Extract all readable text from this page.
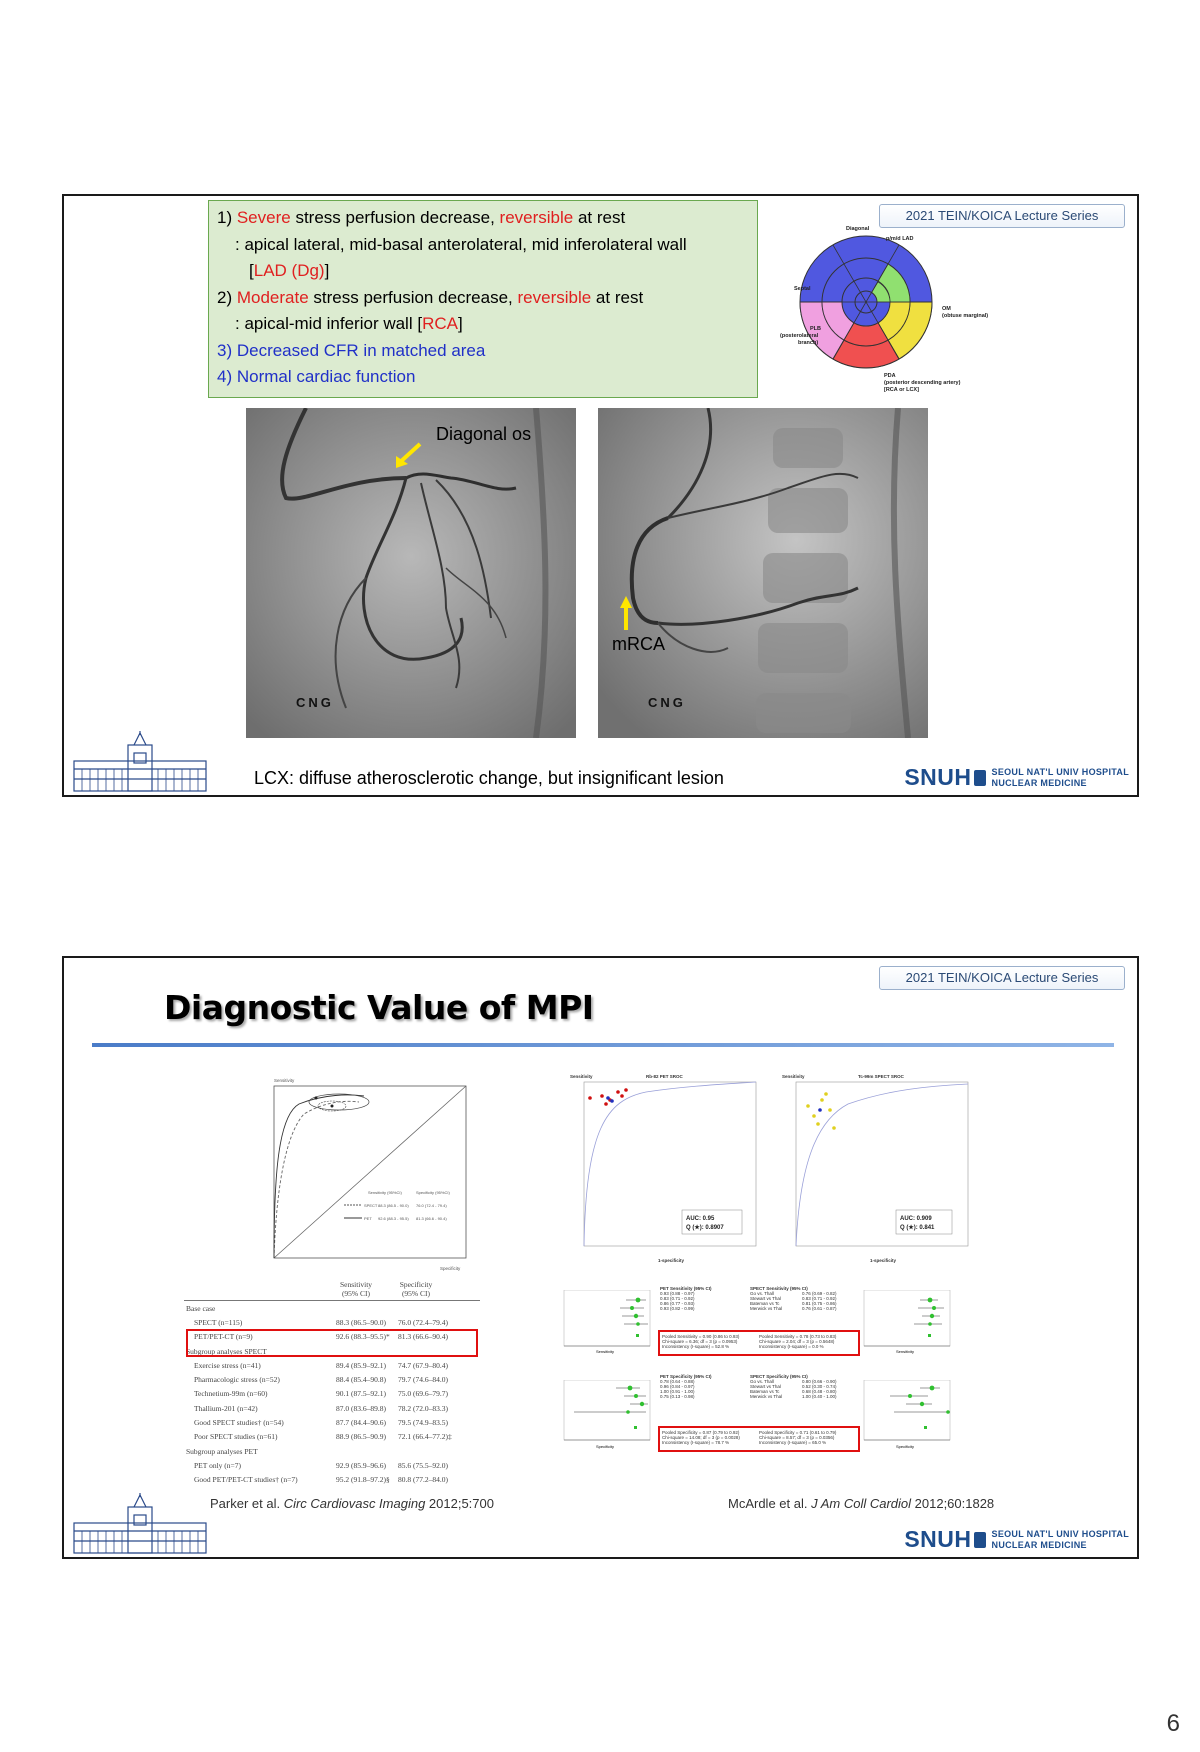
2021 TEIN/KOICA Lecture Series
1) Severe stress perfusion decrease, reversible at rest
: apical lateral, mid-basal anterolateral, mid inferolateral wall
[LAD (Dg)]
2) Moderate stress perfusion decrease, reversible at rest
: apical-mid inferior wall [RCA]
3) Decreased CFR in matched area
4) Normal cardiac function
Diagonal
p/m/d LAD
Septal
OM
(obtuse marginal)
PLB
(posterolateral
branch)
PDA
(posterior descending artery)
[RCA or LCX]
Diagonal os
CNG
mRCA
CNG
LCX: diffuse atherosclerotic change, but insignificant lesion	SNUH SEOUL NAT'L UNIV HOSPITAL
NUCLEAR MEDICINE
2021 TEIN/KOICA Lecture Series
Diagnostic Value of MPI
Sensitivity
Specificity
Sensitivity (95%CI)	Specificity (95%CI)
SPECT 88.3 (86.5 - 90.0) 76.0 (72.4 - 79.4)
PET 92.6 (88.3 - 95.5) 81.3 (66.6 - 90.4)
Sensitivity
(95% CI)
Specificity
(95% CI)
Base case		
SPECT (n=115)	88.3 (86.5–90.0)	76.0 (72.4–79.4)
PET/PET-CT (n=9)	92.6 (88.3–95.5)*	81.3 (66.6–90.4)
Subgroup analyses SPECT		
Exercise stress (n=41)	89.4 (85.9–92.1)	74.7 (67.9–80.4)
Pharmacologic stress (n=52)	88.4 (85.4–90.8)	79.7 (74.6–84.0)
Technetium-99m (n=60)	90.1 (87.5–92.1)	75.0 (69.6–79.7)
Thallium-201 (n=42)	87.0 (83.6–89.8)	78.2 (72.0–83.3)
Good SPECT studies† (n=54)	87.7 (84.4–90.6)	79.5 (74.9–83.5)
Poor SPECT studies (n=61)	88.9 (86.5–90.9)	72.1 (66.4–77.2)‡
Subgroup analyses PET		
PET only (n=7)	92.9 (85.9–96.6)	85.6 (75.5–92.0)
Good PET/PET-CT studies† (n=7)	95.2 (91.8–97.2)§	80.8 (77.2–84.0)
Rb-82 PET SROC
Sensitivity
1-specificity
AUC: 0.95
Q (★): 0.8907
Tc-99m SPECT SROC
Sensitivity
1-specificity
AUC: 0.909
Q (★): 0.841
Sensitivity
PET Sensitivity (95% CI)
0.93 (0.88 - 0.97)
0.83 (0.71 - 0.92)
0.86 (0.77 - 0.93)
0.93 (0.82 - 0.99)
SPECT Sensitivity (95% CI)
Go vs. Thall	0.76 (0.69 - 0.82)
Stewart vs Thal	0.83 (0.71 - 0.92)
Bateman vs Tc	0.81 (0.75 - 0.86)
Merwick vs Thal	0.76 (0.61 - 0.87)
Sensitivity
Pooled Sensitivity = 0.90 (0.86 to 0.93)
Chi-square = 6.36; df = 3 (p = 0.0953)
Inconsistency (I-square) = 52.8 %
Pooled Sensitivity = 0.78 (0.73 to 0.83)
Chi-square = 2.04; df = 3 (p = 0.5648)
Inconsistency (I-square) = 0.0 %
Specificity
PET Specificity (95% CI)
0.78 (0.64 - 0.88)
0.96 (0.84 - 0.97)
1.00 (0.91 - 1.00)
0.75 (0.13 - 0.98)
SPECT Specificity (95% CI)
Go vs. Thall	0.80 (0.66 - 0.90)
Stewart vs Thal	0.52 (0.30 - 0.74)
Bateman vs Tc	0.68 (0.48 - 0.80)
Merwick vs Thal	1.00 (0.40 - 1.00)
Specificity
Pooled Specificity = 0.87 (0.79 to 0.92)
Chi-square = 14.08; df = 3 (p = 0.0028)
Inconsistency (I-square) = 78.7 %
Pooled Specificity = 0.71 (0.61 to 0.79)
Chi-square = 8.57; df = 3 (p = 0.0356)
Inconsistency (I-square) = 65.0 %
Parker et al. Circ Cardiovasc Imaging 2012;5:700	McArdle et al. J Am Coll Cardiol 2012;60:1828
SNUH SEOUL NAT'L UNIV HOSPITAL
NUCLEAR MEDICINE
6
